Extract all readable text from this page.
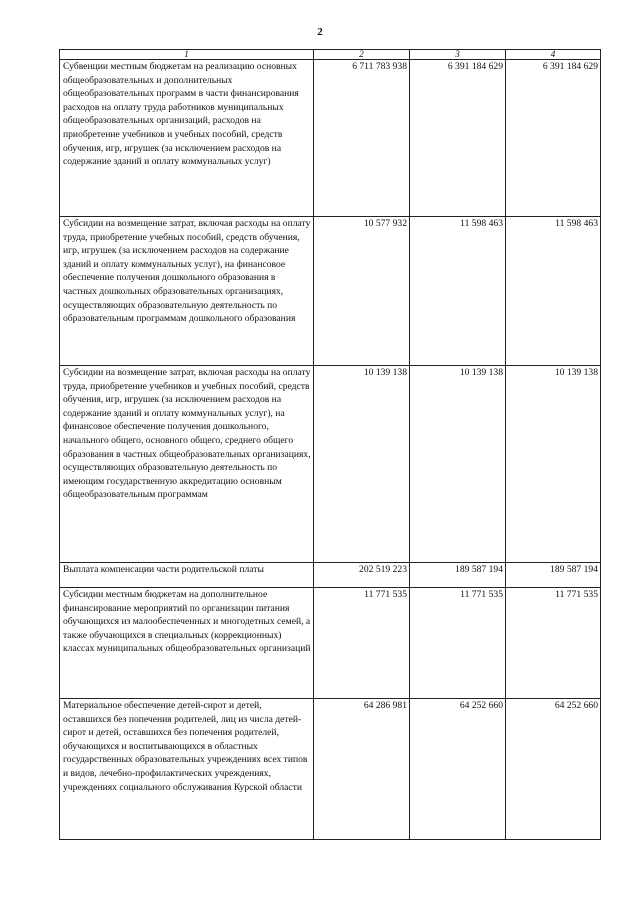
2
1	2	3	4
Субвенции местным бюджетам на реализацию основных общеобразовательных и дополнительных общеобразовательных программ в части финансирования расходов на оплату труда работников муниципальных общеобразовательных организаций, расходов на приобретение учебников и учебных пособий, средств обучения, игр, игрушек (за исключением расходов на содержание зданий и оплату коммунальных услуг)	6 711 783 938	6 391 184 629	6 391 184 629
Субсидии на возмещение затрат, включая расходы на оплату труда, приобретение учебных пособий, средств обучения, игр, игрушек (за исключением расходов на содержание зданий и оплату коммунальных услуг), на финансовое обеспечение получения дошкольного образования в частных дошкольных образовательных организациях, осуществляющих образовательную деятельность по образовательным программам дошкольного образования	10 577 932	11 598 463	11 598 463
Субсидии на возмещение затрат, включая расходы на оплату труда, приобретение учебников и учебных пособий, средств обучения, игр, игрушек (за исключением расходов на содержание зданий и оплату коммунальных услуг), на финансовое обеспечение получения дошкольного, начального общего, основного общего, среднего общего образования в частных общеобразовательных организациях, осуществляющих образовательную деятельность по имеющим государственную аккредитацию основным общеобразовательным программам	10 139 138	10 139 138	10 139 138
Выплата компенсации части родительской платы	202 519 223	189 587 194	189 587 194
Субсидии местным бюджетам на дополнительное финансирование мероприятий по организации питания обучающихся из малообеспеченных и многодетных семей, а также обучающихся в специальных (коррекционных) классах муниципальных общеобразовательных организаций	11 771 535	11 771 535	11 771 535
Материальное обеспечение детей-сирот и детей, оставшихся без попечения родителей, лиц из числа детей-сирот и детей, оставшихся без попечения родителей, обучающихся и воспитывающихся в областных государственных образовательных учреждениях всех типов и видов, лечебно-профилактических учреждениях, учреждениях социального обслуживания Курской области	64 286 981	64 252 660	64 252 660
